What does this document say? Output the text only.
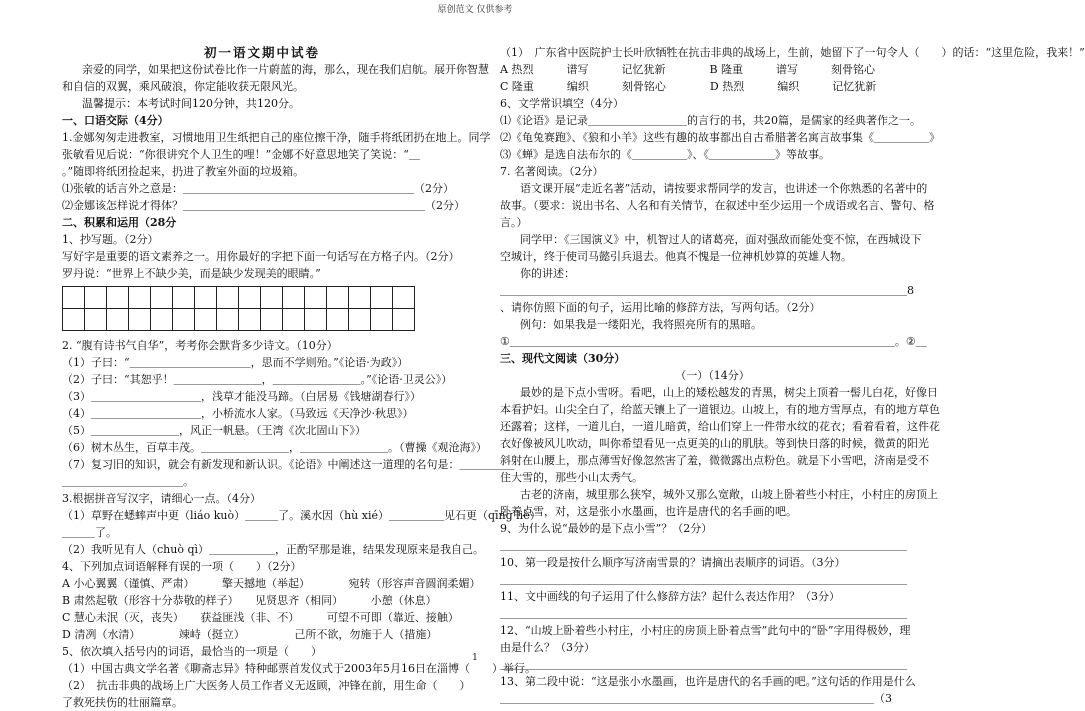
原创范文 仅供参考
初一语文期中试卷
亲爱的同学，如果把这份试卷比作一片蔚蓝的海，那么，现在我们启航。展开你智慧
和自信的双翼，乘风破浪，你定能收获无限风光。
温馨提示：本考试时间120分钟，共120分。
一、口语交际（4分）
1.金娜匆匆走进教室，习惯地用卫生纸把自己的座位擦干净，随手将纸团扔在地上。同学
张敏看见后说：“你很讲究个人卫生的哩！”金娜不好意思地笑了笑说：“＿
。”随即将纸团捡起来，扔进了教室外面的垃圾箱。
⑴张敏的话言外之意是：＿＿＿＿＿＿＿＿＿＿＿＿＿＿＿＿＿＿＿＿＿（2分）
⑵金娜该怎样说才得体？＿＿＿＿＿＿＿＿＿＿＿＿＿＿＿＿＿＿＿＿＿＿（2分）
二、积累和运用（28分
1、抄写题。（2分）
写好字是重要的语文素养之一。用你最好的字把下面一句话写在方格子内。（2分）
罗丹说：“世界上不缺少美，而是缺少发现美的眼睛。”

2. “腹有诗书气自华”，考考你会默背多少诗文。（10分）
（1）子曰：“＿＿＿＿＿＿＿＿＿＿＿，思而不学则殆。”《论语·为政》）
（2）子曰：“其恕乎！＿＿＿＿＿＿＿＿，＿＿＿＿＿＿＿＿。”《论语·卫灵公》）
（3）＿＿＿＿＿＿＿＿＿＿，浅草才能没马蹄。（白居易《钱塘湖春行》）
（4）＿＿＿＿＿＿＿＿＿＿，小桥流水人家。（马致远《天净沙·秋思》）
（5）＿＿＿＿＿＿＿＿，风正一帆悬。（王湾《次北固山下》）
（6）树木丛生，百草丰茂。＿＿＿＿＿＿＿＿，＿＿＿＿＿＿＿＿。（曹操《观沧海》）
（7）复习旧的知识，就会有新发现和新认识。《论语》中阐述这一道理的名句是：＿＿＿＿＿
＿＿＿＿＿＿＿＿＿＿＿。
3.根据拼音写汉字，请细心一点。（4分）
（1）草野在蟋蟀声中更（liáo kuò）＿＿＿了。溪水因（hù xié）＿＿＿＿＿见石更（qīng liè）
＿＿＿了。
（2）我听见有人（chuò qì）＿＿＿＿＿＿，正酌罕那是谁，结果发现原来是我自己。
4、下列加点词语解释有误的一项（　　）（2分）
A 小心翼翼（谨慎、严肃）　　　擎天撼地（举起）　　　　宛转（形容声音圆润柔媚）
B 肃然起敬（形容十分恭敬的样子）　　见贤思齐（相同）　　　小憩（休息）
C 慧心未泯（灭，丧失）　　获益匪浅（非、不）　　　可望不可即（靠近、接触）
D 清冽（水清）　　　　竦峙（挺立）　　　　　己所不欲，勿施于人（措施）
5、依次填入括号内的词语，最恰当的一项是（　　）
（1）中国古典文学名著《聊斋志异》特种邮票首发仪式于2003年5月16日在淄博（　　）举行。
（2）　抗击非典的战场上广大医务人员工作者义无返顾，冲锋在前，用生命（　　）
了救死扶伤的壮丽篇章。
（1）　广东省中医院护士长叶欣牺牲在抗击非典的战场上，生前，她留下了一句令人（　　）的话：“这里危险，我来！”
A 热烈　　　谱写　　　记忆犹新　　　　B 隆重　　　谱写　　　刻骨铭心
C 隆重　　　编织　　　刻骨铭心　　　　D 热烈　　　编织　　　记忆犹新
6、文学常识填空（4分）
⑴《论语》是记录＿＿＿＿＿＿＿＿＿的言行的书，共20篇，是儒家的经典著作之一。
⑵《龟兔赛跑》、《狼和小羊》这些有趣的故事都出自古希腊著名寓言故事集《＿＿＿＿＿》
⑶《蝉》是选自法布尔的《＿＿＿＿＿》、《＿＿＿＿＿＿》等故事。
7. 名著阅读。（2分）
语文课开展“走近名著”活动，请按要求帮同学的发言，也讲述一个你熟悉的名著中的
故事。（要求：说出书名、人名和有关情节，在叙述中至少运用一个成语或名言、警句、格
言。）
同学甲：《三国演义》中，机智过人的诸葛亮，面对强敌而能处变不惊，在西城设下
空城计，终于使司马懿引兵退去。他真不愧是一位神机妙算的英雄人物。
你的讲述：
＿＿＿＿＿＿＿＿＿＿＿＿＿＿＿＿＿＿＿＿＿＿＿＿＿＿＿＿＿＿＿＿＿＿＿＿＿8
、请你仿照下面的句子，运用比喻的修辞方法，写两句话。（2分）
例句：如果我是一缕阳光，我将照亮所有的黑暗。
①＿＿＿＿＿＿＿＿＿＿＿＿＿＿＿＿＿＿＿＿＿＿＿＿＿＿＿＿＿＿＿＿＿＿＿。②＿
三、现代文阅读（30分）
（一）（14分）
最妙的是下点小雪呀。看吧，山上的矮松越发的青黑，树尖上顶着一髻儿白花，好像日
本看护妇。山尖全白了，给蓝天镶上了一道银边。山坡上，有的地方雪厚点，有的地方草色
还露着；这样，一道儿白，一道儿暗黄，给山们穿上一件带水纹的花衣；看着看着，这件花
衣好像被风儿吹动，叫你希望看见一点更美的山的肌肤。等到快日落的时候，微黄的阳光
斜射在山腰上，那点薄雪好像忽然害了羞，微微露出点粉色。就是下小雪吧，济南是受不
住大雪的，那些小山太秀气。
古老的济南，城里那么狭窄，城外又那么宽敞，山坡上卧着些小村庄，小村庄的房顶上
卧着点雪，对，这是张小水墨画，也许是唐代的名手画的吧。
9、为什么说“最妙的是下点小雪”？（2分）
＿＿＿＿＿＿＿＿＿＿＿＿＿＿＿＿＿＿＿＿＿＿＿＿＿＿＿＿＿＿＿＿＿＿＿＿＿
10、第一段是按什么顺序写济南雪景的？请摘出表顺序的词语。（3分）
＿＿＿＿＿＿＿＿＿＿＿＿＿＿＿＿＿＿＿＿＿＿＿＿＿＿＿＿＿＿＿＿＿＿＿＿＿
11、文中画线的句子运用了什么修辞方法？起什么表达作用？（3分）
＿＿＿＿＿＿＿＿＿＿＿＿＿＿＿＿＿＿＿＿＿＿＿＿＿＿＿＿＿＿＿＿＿＿＿＿＿
12、“山坡上卧着些小村庄，小村庄的房顶上卧着点雪”此句中的“卧”字用得极妙，理
由是什么？（3分）
＿＿＿＿＿＿＿＿＿＿＿＿＿＿＿＿＿＿＿＿＿＿＿＿＿＿＿＿＿＿＿＿＿＿＿＿＿
13、第二段中说：“这是张小水墨画，也许是唐代的名手画的吧。”这句话的作用是什么
＿＿＿＿＿＿＿＿＿＿＿＿＿＿＿＿＿＿＿＿＿＿＿＿＿＿＿＿＿＿＿＿＿＿（3
1
